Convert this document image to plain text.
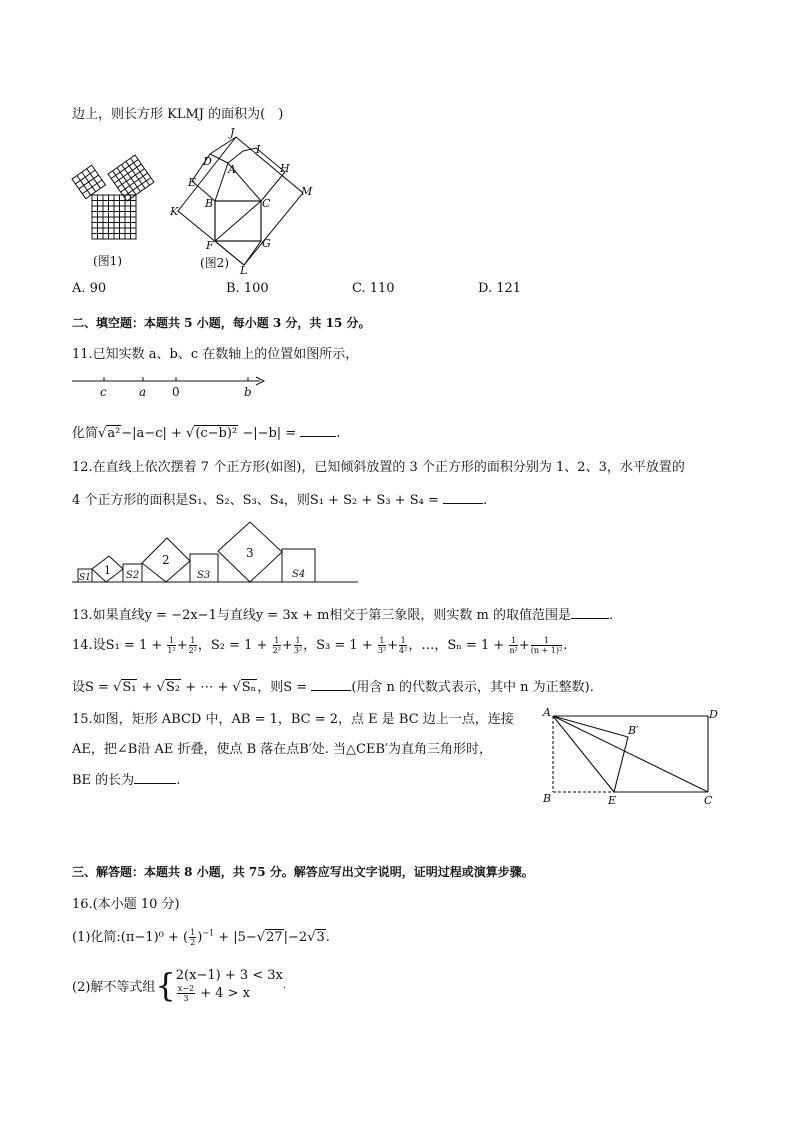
边上，则长方形 KLMJ 的面积为(　)
(图1)
J
I
D
A	H
E
M
K
B	C
F	G
L
(图2)
A. 90	B. 100	C. 110	D. 121
二、填空题：本题共 5 小题，每小题 3 分，共 15 分。
11.已知实数 a、b、c 在数轴上的位置如图所示，
c	a 0	b
化简√a²−|a−c| + √(c−b)² −|−b| =	.
12.在直线上依次摆着 7 个正方形(如图)，已知倾斜放置的 3 个正方形的面积分别为 1、2、3，水平放置的
4 个正方形的面积是S₁、S₂、S₃、S₄，则S₁ + S₂ + S₃ + S₄ =	.
S1
1 S2
2
S3
3
S4
13.如果直线y = −2x−1与直线y = 3x + m相交于第三象限，则实数 m 的取值范围是	.
14.设$S_1 = 1 + \frac{1}{\text{1²}} + \frac{1}{\text{2²}}$ ，$S_2 = 1 + \frac{1}{\text{2²}} + \frac{1}{\text{3²}}$ ，$S_3 = 1 + \frac{1}{\text{3²}} + \frac{1}{\text{4²}}$ ，…，$S_n = 1 + \frac{1}{\text{n²}} + \frac{1}{\text{(n + 1)²}}$ .
设S = √S₁ + √S₂ + ⋯ + √Sₙ，则S =	(用含 n 的代数式表示，其中 n 为正整数).
15.如图，矩形 ABCD 中，AB = 1，BC = 2，点 E 是 BC 边上一点，连接
AE，把∠B沿 AE 折叠，使点 B 落在点B′处. 当△CEB′为直角三角形时，
BE 的长为	.
A	D
B′
B	E	C
三、解答题：本题共 8 小题，共 75 分。解答应写出文字说明，证明过程或演算步骤。
16.(本小题 10 分)
(1)化简:(π−1)⁰ + ( $\frac{1}{2} )^{-1} + |5-√27|-2√3$.
(2)解不等式组{ 2(x−1) + 3 < 3x
$\frac{x-2}{3} + 4 > x$
.
